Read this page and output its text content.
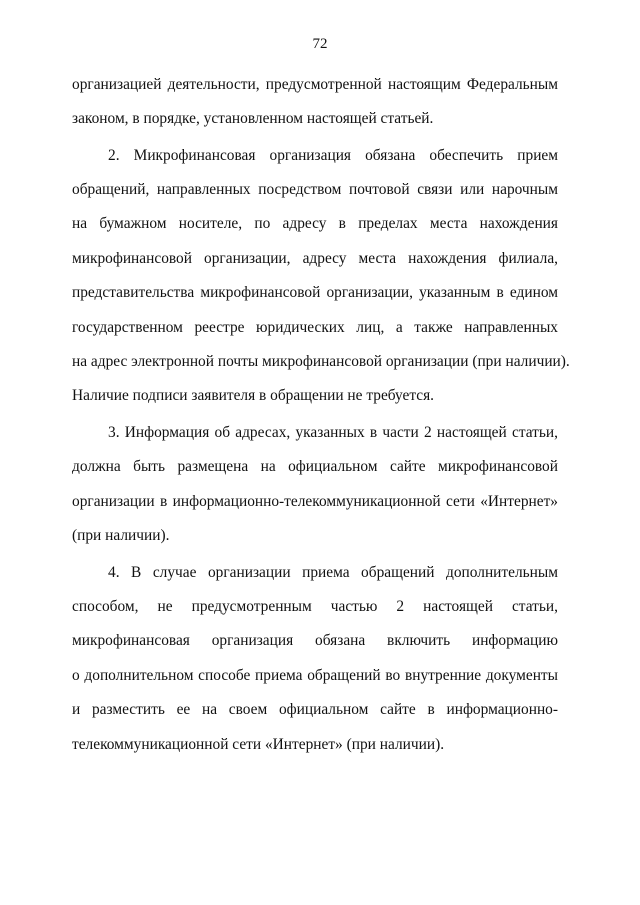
72
организацией деятельности, предусмотренной настоящим Федеральным
законом, в порядке, установленном настоящей статьей.
2. Микрофинансовая организация обязана обеспечить прием
обращений, направленных посредством почтовой связи или нарочным
на бумажном носителе, по адресу в пределах места нахождения
микрофинансовой организации, адресу места нахождения филиала,
представительства микрофинансовой организации, указанным в едином
государственном реестре юридических лиц, а также направленных
на адрес электронной почты микрофинансовой организации (при наличии).
Наличие подписи заявителя в обращении не требуется.
3. Информация об адресах, указанных в части 2 настоящей статьи,
должна быть размещена на официальном сайте микрофинансовой
организации в информационно-телекоммуникационной сети «Интернет»
(при наличии).
4. В случае организации приема обращений дополнительным
способом, не предусмотренным частью 2 настоящей статьи,
микрофинансовая организация обязана включить информацию
о дополнительном способе приема обращений во внутренние документы
и разместить ее на своем официальном сайте в информационно-
телекоммуникационной сети «Интернет» (при наличии).
